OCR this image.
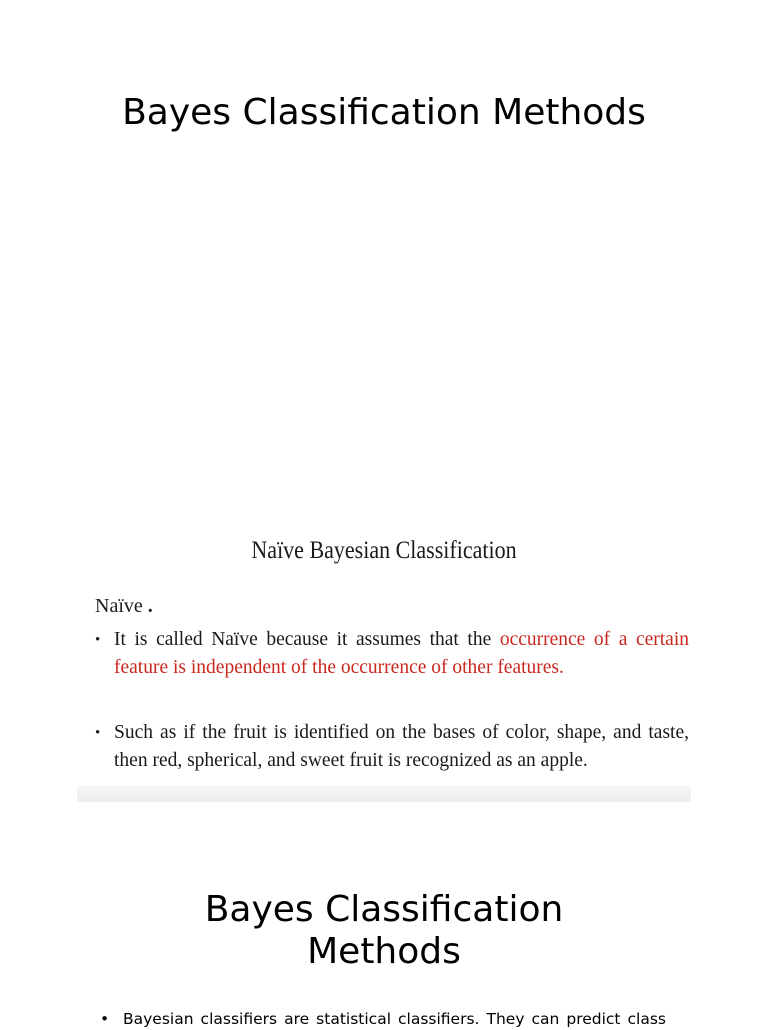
Bayes Classification Methods
Naïve Bayesian Classification
Naïve .
• It is called Naïve because it assumes that the occurrence of a certain feature is independent of the occurrence of other features.
• Such as if the fruit is identified on the bases of color, shape, and taste, then red, spherical, and sweet fruit is recognized as an apple.
Bayes Classification
Methods
• Bayesian classifiers are statistical classifiers. They can predict class
